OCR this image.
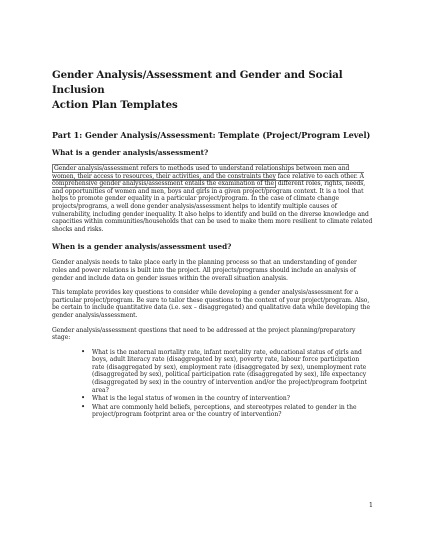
Gender Analysis/Assessment and Gender and Social Inclusion
Action Plan Templates
Part 1: Gender Analysis/Assessment: Template (Project/Program Level)
What is a gender analysis/assessment?

Gender analysis/assessment refers to methods used to understand relationships between men and women, their access to resources, their activities, and the constraints they face relative to each other. A comprehensive gender analysis/assessment entails the examination of the different roles, rights, needs, and opportunities of women and men, boys and girls in a given project/program context. It is a tool that helps to promote gender equality in a particular project/program. In the case of climate change projects/programs, a well done gender analysis/assessment helps to identify multiple causes of vulnerability, including gender inequality. It also helps to identify and build on the diverse knowledge and capacities within communities/households that can be used to make them more resilient to climate related shocks and risks.

When is a gender analysis/assessment used?

Gender analysis needs to take place early in the planning process so that an understanding of gender roles and power relations is built into the project. All projects/programs should include an analysis of gender and include data on gender issues within the overall situation analysis.

This template provides key questions to consider while developing a gender analysis/assessment for a particular project/program. Be sure to tailor these questions to the context of your project/program. Also, be certain to include quantitative data (i.e. sex – disaggregated) and qualitative data while developing the gender analysis/assessment.

Gender analysis/assessment questions that need to be addressed at the project planning/preparatory stage:

• What is the maternal mortality rate, infant mortality rate, educational status of girls and boys, adult literacy rate (disaggregated by sex), poverty rate, labour force participation rate (disaggregated by sex), employment rate (disaggregated by sex), unemployment rate (disaggregated by sex), political participation rate (disaggregated by sex), life expectancy (disaggregated by sex) in the country of intervention and/or the project/program footprint area?
• What is the legal status of women in the country of intervention?
• What are commonly held beliefs, perceptions, and stereotypes related to gender in the project/program footprint area or the country of intervention?
1
